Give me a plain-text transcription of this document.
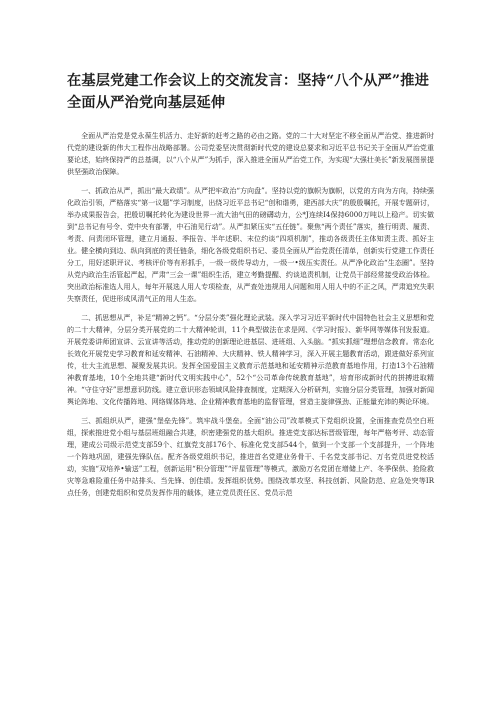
在基层党建工作会议上的交流发言：坚持“八个从严”推进全面从严治党向基层延伸

全面从严治党是党永葆生机活力、走好新的赶考之路的必由之路。党的二十大对坚定不移全面从严治党、推进新时代党的建设新的伟大工程作出战略部署。公司党委坚决贯彻新时代党的建设总要求和习近平总书记关于全面从严治党重要论述，始终保持严的总基调，以“八个从严”为抓手，深入推进全面从严治党工作，为实现“大强壮美长”新发展图景提供坚强政治保障。

一、抓政治从严，抓出“最大政绩”。从严把牢政治“方向盘”。坚持以党的旗帜为旗帜，以党的方向为方向，持续强化政治引领，严格落实“第一议题”学习制度，出绕习近平总书记“创和谐勇，建西部大庆”的殷殷嘱托，开展专题研讨，举办成果报告会，把殷切嘱托转化为建设世界一流大油气田的磅礴动力，公*J连续I4保持6000万吨以上稳产。切实做到“总书记有号令、党中央有部署，中石油见行动”。从严扣紧压实“五任链”。聚焦“两个责任”落实，推行明责、履责、考责、问责闭环管理，建立月通报、季报告、半年述职、末位约谈“四项机制”，推动各级责任主体知责主责、抓好主业。健全横向到边、纵向到底的责任链条，细化各级党组织书记、委员全面从严治党责任清单，创新实行党建工作责任分工，用好述职评议、考核评价等有形抓手，一级一级传导动力，一级一•级压实责任。从严净化政治“生态圈”。坚持从党内政治生活管起严起，严肃“三会一课”组织生活，建立考勤提醒、约谈追责机制，让党员干部经常接受政治体检。突出政治标准选人用人，每年开展选人用人专项检查，从严查处违规用人问题和用人用人中的不正之风，严肃追究失职失察责任，促进形成风清气正的用人生态。

二、抓思想从严，补足“精神之钙”。“分层分类”强化理论武装。深入学习习近平新时代中国特色社会主义思想和党的二十大精神，分层分类开展党的二十大精神轮训，11个典型做法在求是网、《学习时报》、新华网等媒体刊发报道。开展党委讲师团宣讲、云宣讲等活动，推动党的创新理论进基层、进班组、入头脑。“抓实抓细”理想信念教育。常态化长效化开展党史学习教育和延安精神、石油精神、大庆精神、铁人精神学习，深入开展主题教育活动，跟进做好系列宣传，壮大主流思想、凝聚发展共识。发挥全国爱国主义教育示范基地和延安精神示范教育基地作用，打造13个石油精神教育基地，10个全地共建“新时代文明实践中心”，52个“公司革命传统教育基地”，培育形成新时代的拼搏进取精神。“守住守好”思想意识防线。建立意识形态领域风险排查制度，定期深入分析研判，实施分层分类管理，加强对新闻舆论阵地、文化传播阵地、网络媒体阵地、企业精神教育基地的监督管理，营造主旋律强劲、正能量充沛的舆论环境。

三、抓组织从严，建强“堡垒先锋”。筑牢战斗堡垒。全面“油公司”改革模式下党组织设置，全面推查党员空白班组，探索推进党小组与基层班组融合共建，织密建强党的基大组织。推进党支部达标晋级管理，每年严格考评、动态管理，建成公司级示范党支部59个、红旗党支部176个、标准化党支部544个，做到一个支部一个支部提升，一个阵地一个阵地巩固，建强先锋队伍。配齐各级党组织书记，推进首名党建业务骨干、千名党支部书记、万名党员进党校活动，实施“双培养•输送”工程，创新运用“积分管理”“评星管理”等模式，激励万名党团在增储上产、冬季保供、抢险救灾等急难险重任务中站排头、当先锋、创佳绩。发挥组织优势。围绕改革攻坚、科技创新、风险防范、应急处突等IR点任务，创建党组织和党员发挥作用的载体，建立党员责任区、党员示范
